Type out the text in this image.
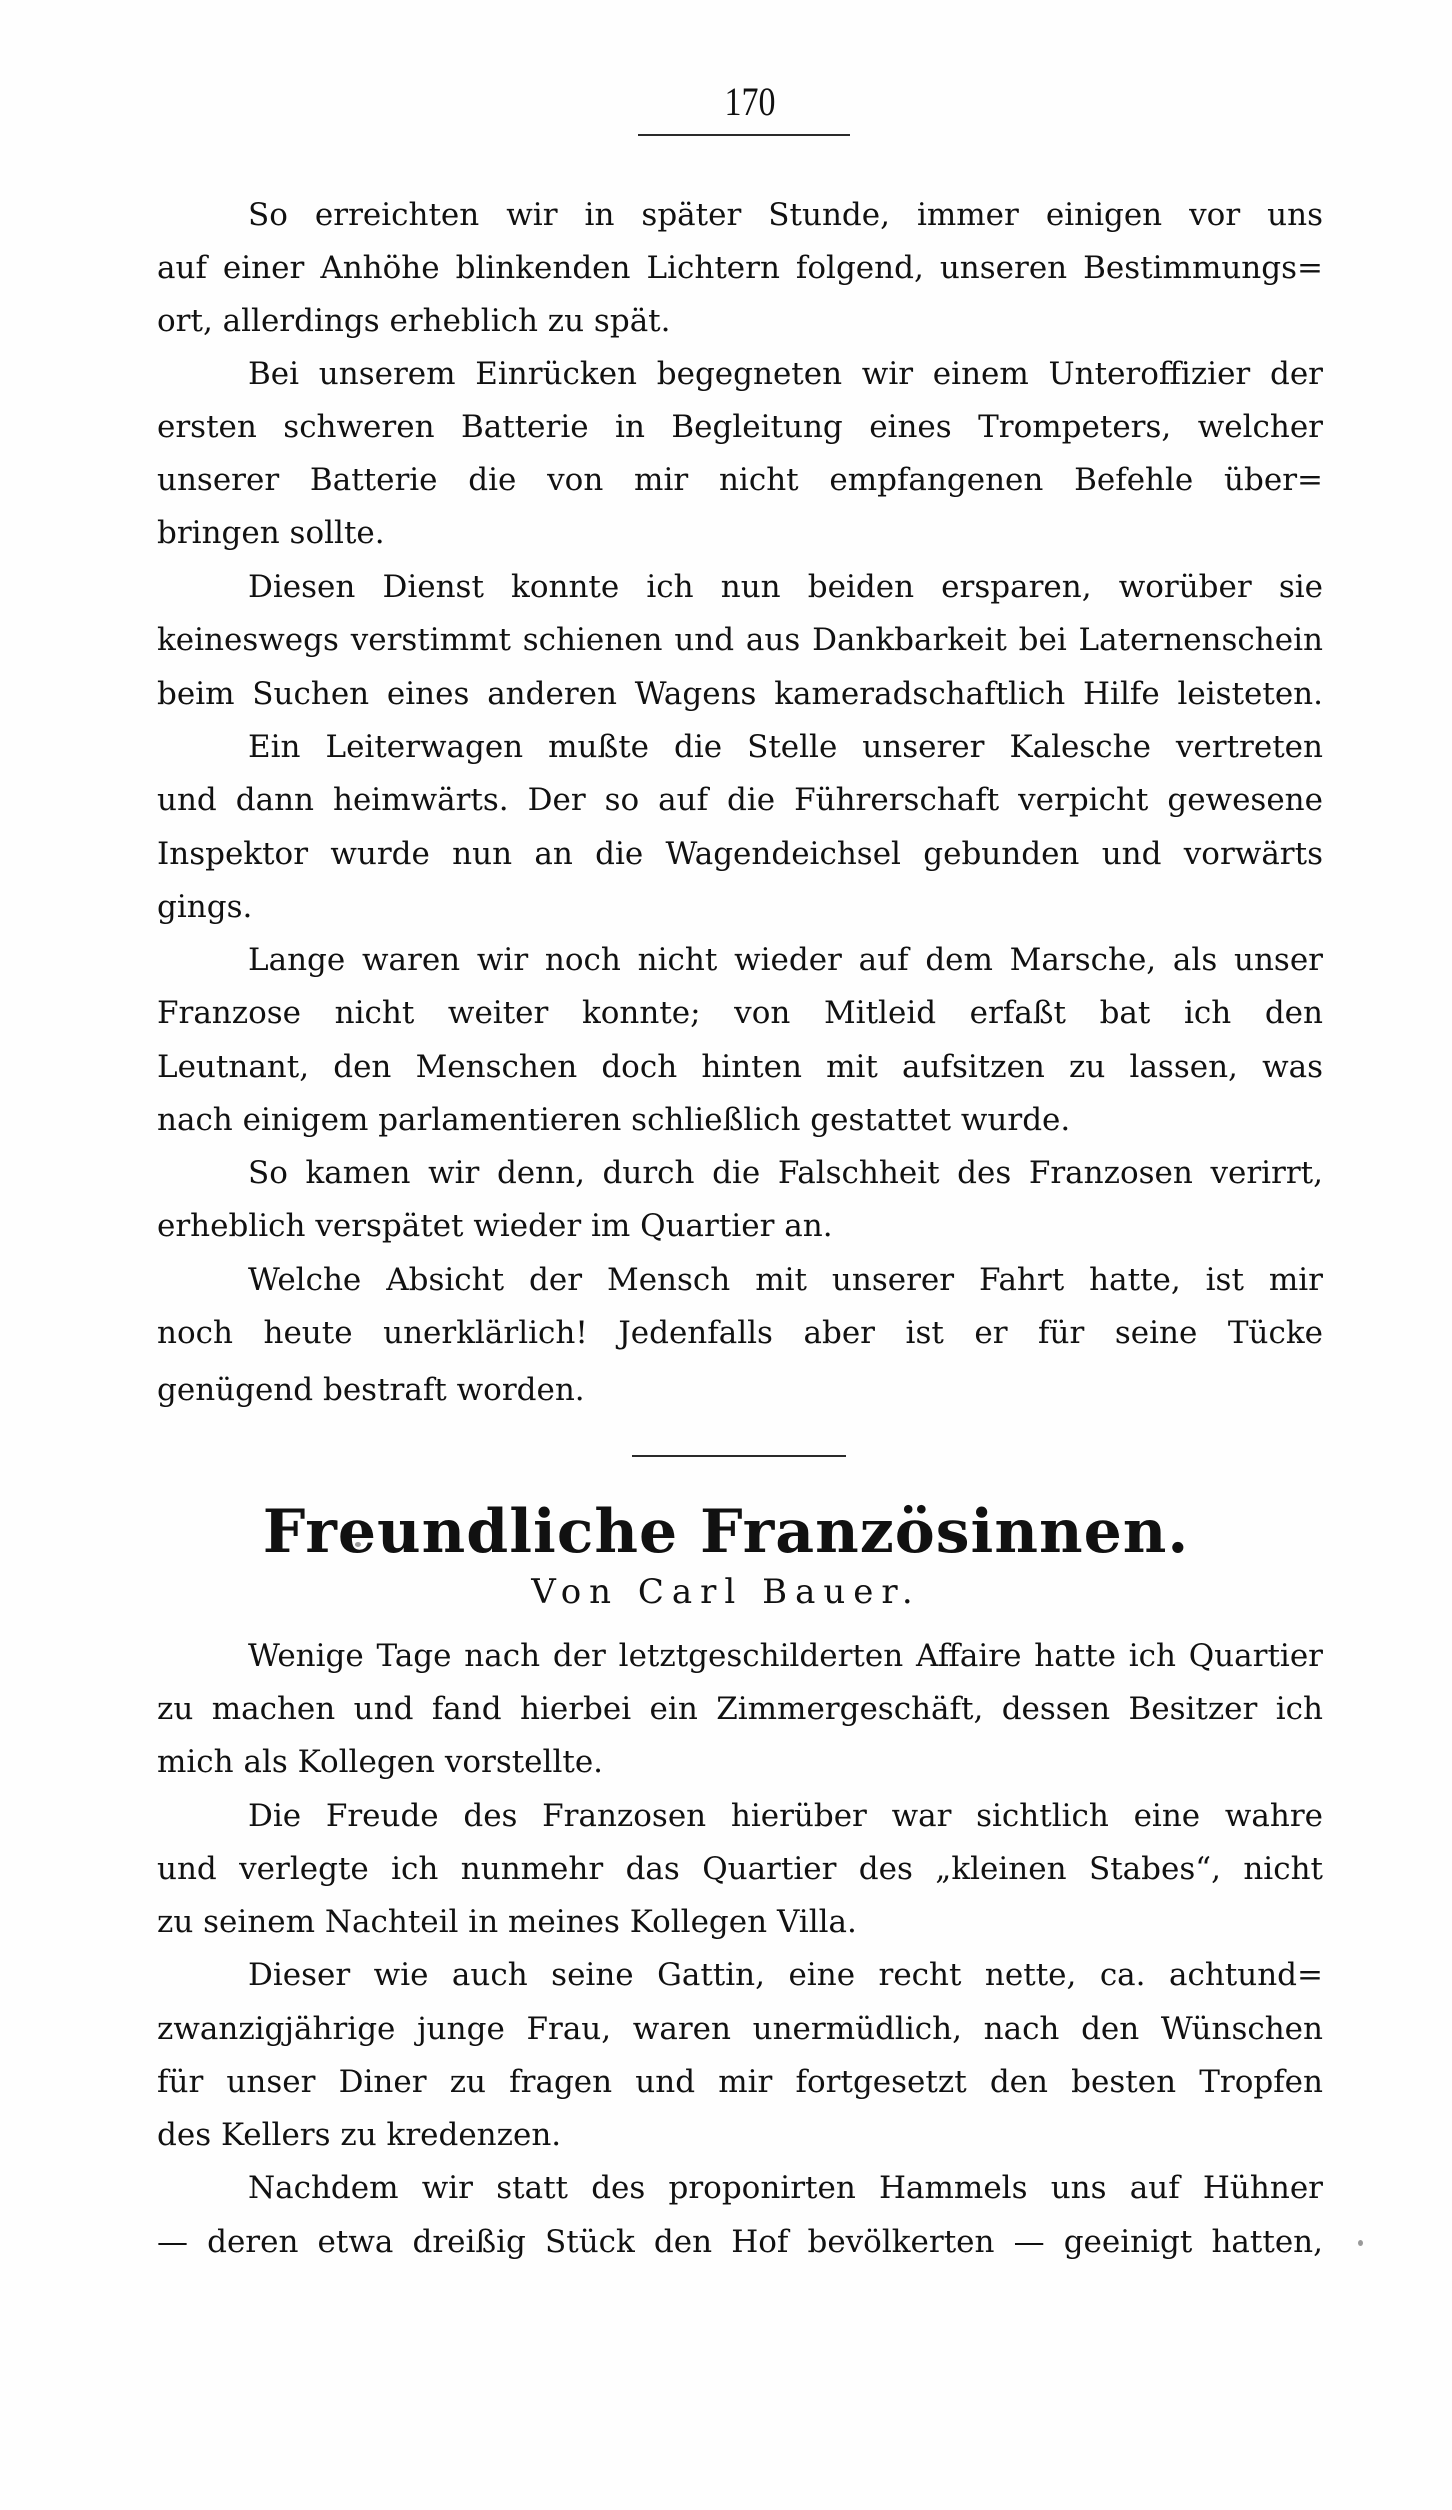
170
So erreichten wir in später Stunde, immer einigen vor uns
auf einer Anhöhe blinkenden Lichtern folgend, unseren Bestimmungs=
ort, allerdings erheblich zu spät.
Bei unserem Einrücken begegneten wir einem Unteroffizier der
ersten schweren Batterie in Begleitung eines Trompeters, welcher
unserer Batterie die von mir nicht empfangenen Befehle über=
bringen sollte.
Diesen Dienst konnte ich nun beiden ersparen, worüber sie
keineswegs verstimmt schienen und aus Dankbarkeit bei Laternenschein
beim Suchen eines anderen Wagens kameradschaftlich Hilfe leisteten.
Ein Leiterwagen mußte die Stelle unserer Kalesche vertreten
und dann heimwärts. Der so auf die Führerschaft verpicht gewesene
Inspektor wurde nun an die Wagendeichsel gebunden und vorwärts
gings.
Lange waren wir noch nicht wieder auf dem Marsche, als unser
Franzose nicht weiter konnte; von Mitleid erfaßt bat ich den
Leutnant, den Menschen doch hinten mit aufsitzen zu lassen, was
nach einigem parlamentieren schließlich gestattet wurde.
So kamen wir denn, durch die Falschheit des Franzosen verirrt,
erheblich verspätet wieder im Quartier an.
Welche Absicht der Mensch mit unserer Fahrt hatte, ist mir
noch heute unerklärlich! Jedenfalls aber ist er für seine Tücke
genügend bestraft worden.
Freundliche Französinnen.
Von Carl Bauer.
Wenige Tage nach der letztgeschilderten Affaire hatte ich Quartier
zu machen und fand hierbei ein Zimmergeschäft, dessen Besitzer ich
mich als Kollegen vorstellte.
Die Freude des Franzosen hierüber war sichtlich eine wahre
und verlegte ich nunmehr das Quartier des „kleinen Stabes“, nicht
zu seinem Nachteil in meines Kollegen Villa.
Dieser wie auch seine Gattin, eine recht nette, ca. achtund=
zwanzigjährige junge Frau, waren unermüdlich, nach den Wünschen
für unser Diner zu fragen und mir fortgesetzt den besten Tropfen
des Kellers zu kredenzen.
Nachdem wir statt des proponirten Hammels uns auf Hühner
— deren etwa dreißig Stück den Hof bevölkerten — geeinigt hatten,
